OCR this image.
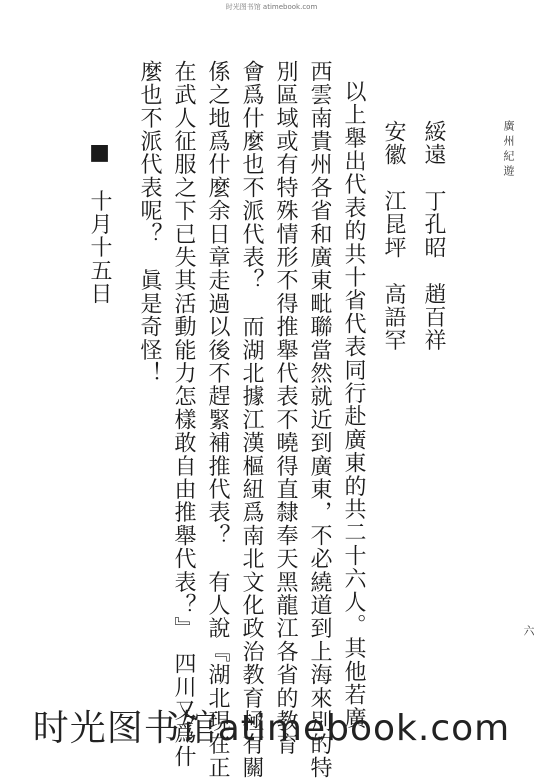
时光图书馆 atimebook.com
廣州紀遊
六
綏遠　丁孔昭　趙百祥
安徽　江昆坪　高語罕
以上舉出代表的共十省代表同行赴廣東的共二十六人。其他若廣
西雲南貴州各省和廣東毗聯當然就近到廣東，不必繞道到上海來別的特
別區域或有特殊情形不得推舉代表不曉得直隸奉天黑龍江各省的教育
會爲什麼也不派代表？　而湖北據江漢樞紐爲南北文化政治教育極有關
係之地爲什麼余日章走過以後不趕緊補推代表？　有人說『湖北現在正
在武人征服之下已失其活動能力怎樣敢自由推舉代表？』　四川又爲什
麼也不派代表呢？　眞是奇怪！
■　十月十五日
时光图书馆atimebook.com
